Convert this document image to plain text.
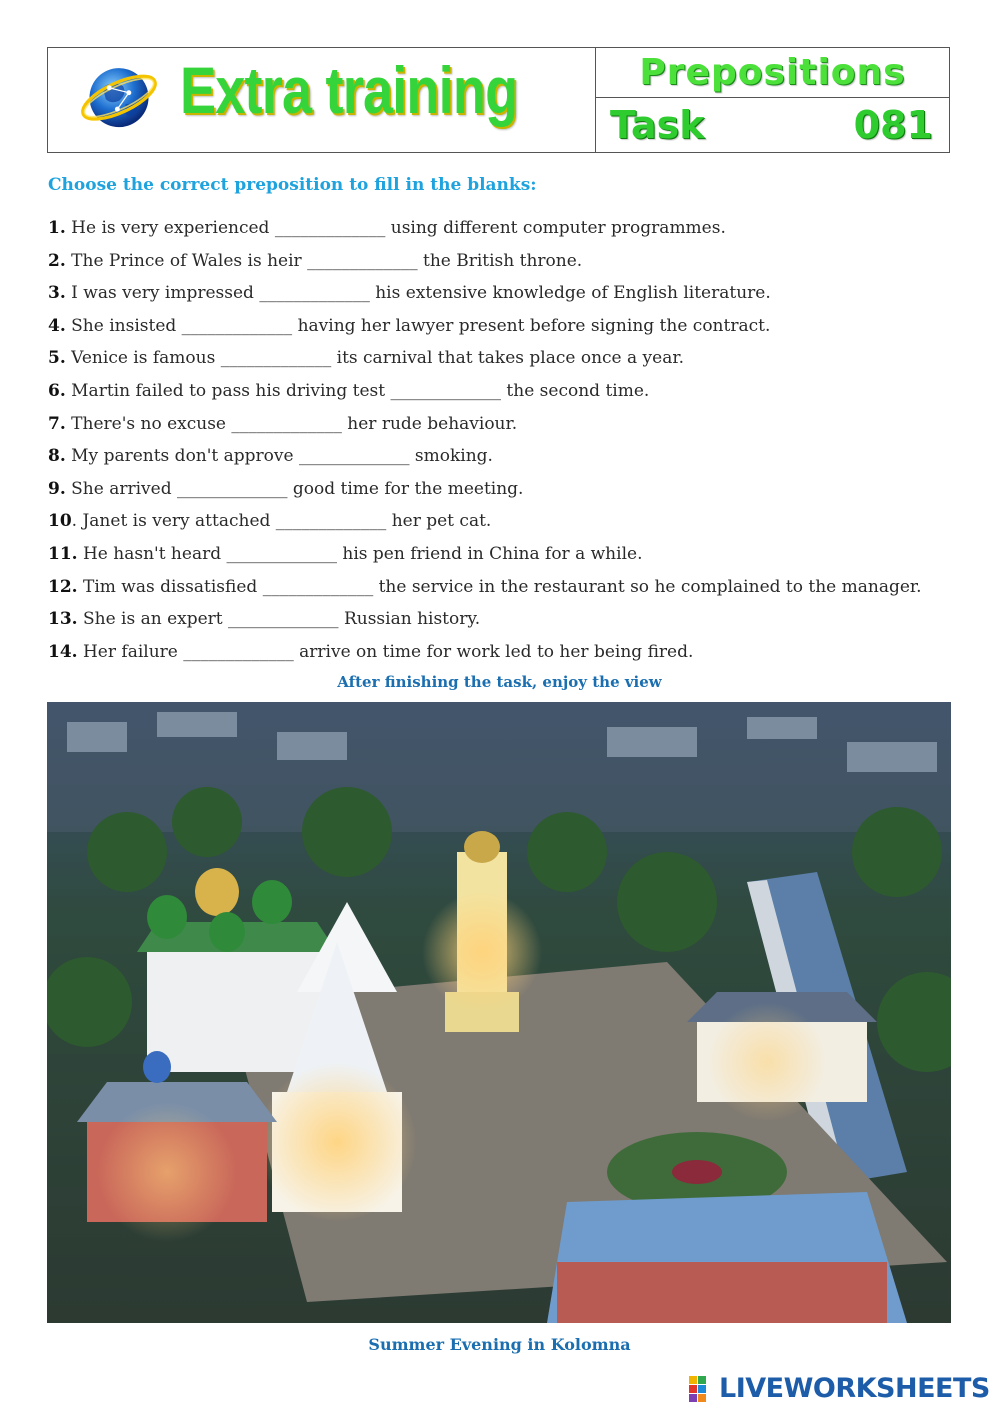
Extra training	Prepositions
Task	081
Choose the correct preposition to fill in the blanks:
1. He is very experienced _____________ using different computer programmes.
2. The Prince of Wales is heir _____________ the British throne.
3. I was very impressed _____________ his extensive knowledge of English literature.
4. She insisted _____________ having her lawyer present before signing the contract.
5. Venice is famous _____________ its carnival that takes place once a year.
6. Martin failed to pass his driving test _____________ the second time.
7. There's no excuse _____________ her rude behaviour.
8. My parents don't approve _____________ smoking.
9. She arrived _____________ good time for the meeting.
10. Janet is very attached _____________ her pet cat.
11. He hasn't heard _____________ his pen friend in China for a while.
12. Tim was dissatisfied _____________ the service in the restaurant so he complained to the manager.
13. She is an expert _____________ Russian history.
14. Her failure _____________ arrive on time for work led to her being fired.
After finishing the task, enjoy the view
Summer Evening in Kolomna
LIVEWORKSHEETS
